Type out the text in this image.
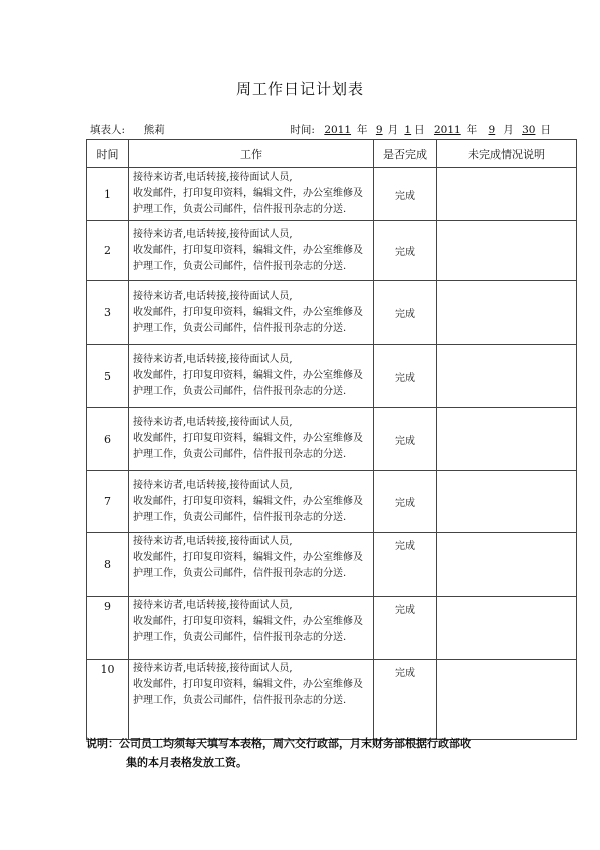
周工作日记计划表
填表人: 熊莉	时间: 2011 年 9 月 1 日 2011 年 9 月 30 日
时间	工作	是否完成	未完成情况说明
1	接待来访者,电话转接,接待面试人员,
收发邮件，打印复印资料，编辑文件，办公室维修及
护理工作，负责公司邮件，信件报刊杂志的分送.	完成	
2	接待来访者,电话转接,接待面试人员,
收发邮件，打印复印资料，编辑文件，办公室维修及
护理工作，负责公司邮件，信件报刊杂志的分送.	完成	
3	接待来访者,电话转接,接待面试人员,
收发邮件，打印复印资料，编辑文件，办公室维修及
护理工作，负责公司邮件，信件报刊杂志的分送.	完成	
5	接待来访者,电话转接,接待面试人员,
收发邮件，打印复印资料，编辑文件，办公室维修及
护理工作，负责公司邮件，信件报刊杂志的分送.	完成	
6	接待来访者,电话转接,接待面试人员,
收发邮件，打印复印资料，编辑文件，办公室维修及
护理工作，负责公司邮件，信件报刊杂志的分送.	完成	
7	接待来访者,电话转接,接待面试人员,
收发邮件，打印复印资料，编辑文件，办公室维修及
护理工作，负责公司邮件，信件报刊杂志的分送.	完成	
8	接待来访者,电话转接,接待面试人员,
收发邮件，打印复印资料，编辑文件，办公室维修及
护理工作，负责公司邮件，信件报刊杂志的分送.	完成	
9	接待来访者,电话转接,接待面试人员,
收发邮件，打印复印资料，编辑文件，办公室维修及
护理工作，负责公司邮件，信件报刊杂志的分送.	完成	
10	接待来访者,电话转接,接待面试人员,
收发邮件，打印复印资料，编辑文件，办公室维修及
护理工作，负责公司邮件，信件报刊杂志的分送.	完成	
说明：公司员工均须每天填写本表格，周六交行政部，月末财务部根据行政部收
集的本月表格发放工资。
